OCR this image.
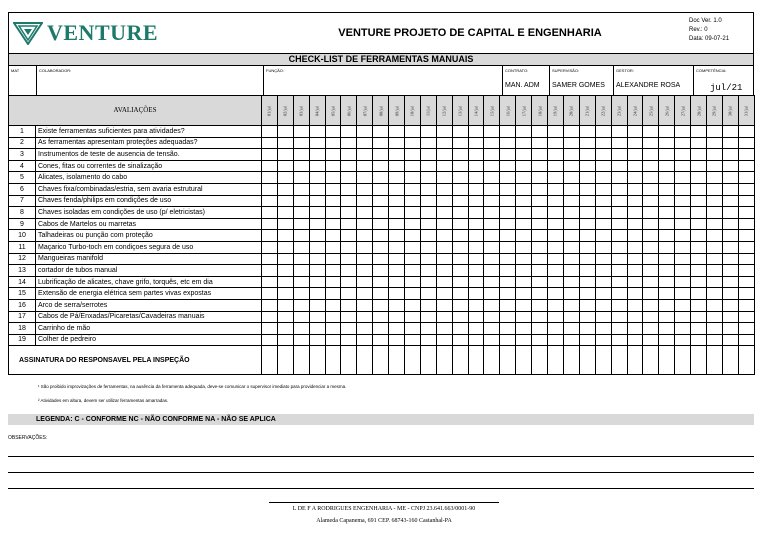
VENTURE	VENTURE PROJETO DE CAPITAL E ENGENHARIA
Doc Ver. 1.0
Rev.: 0
Data: 09-07-21
CHECK-LIST DE FERRAMENTAS MANUAIS
MAT	COLABORADOR:	FUNÇÃO:	CONTRATO:
MAN. ADM
SUPERVISÃO:
SAMER GOMES
GESTOR:
ALEXANDRE ROSA
COMPETÊNCIA:
jul/21
AVALIAÇÕES		01/jul	02/jul	03/jul	04/jul	05/jul	06/jul	07/jul	08/jul	09/jul	10/jul	11/jul	12/jul	13/jul	14/jul	15/jul	16/jul	17/jul	18/jul	19/jul	20/jul	21/jul	22/jul	23/jul	24/jul	25/jul	26/jul	27/jul	28/jul	29/jul	30/jul	31/jul

1	Existe ferramentas suficientes para atividades?																															
2	As ferramentas apresentam proteções adequadas?																															
3	Instrumentos de teste de ausencia de tensão.																															
4	Cones, fitas ou correntes de sinalização																															
5	Alicates, isolamento do cabo																															
6	Chaves fixa/combinadas/estria, sem avaria estrutural																															
7	Chaves fenda/philips em condições de uso																															
8	Chaves isoladas em condições de uso (p/ eletricistas)																															
9	Cabos de Martelos ou marretas																															
10	Talhadeiras ou punção com proteção																															
11	Maçarico Turbo-toch em condiçoes segura de uso																															
12	Mangueiras manifold																															
13	cortador de tubos manual																															
14	Lubrificação de alicates, chave grifo, torquês, etc em dia																															
15	Extensão de energia elétrica sem partes vivas expostas																															
16	Arco de serra/serrotes																															
17	Cabos de Pá/Enxadas/Picaretas/Cavadeiras manuais																															
18	Carrinho de mão																															
19	Colher de pedreiro																															
ASSINATURA DO RESPONSAVEL PELA INSPEÇÃO																																
¹ São proibido improvizações de ferramentas, na ausência da ferramenta adequada, deve-se comunicar o supervisor imediato para providenciar a mesma.
² Atividades em altura, devem ser utilizar ferramentas amarradas.
LEGENDA: C - CONFORME NC - NÃO CONFORME NA - NÃO SE APLICA
OBSERVAÇÕES:
L DE F A RODRIGUES ENGENHARIA - ME - CNPJ 23.641.663/0001-90
Alameda Capanema, 691 CEP. 68743-160 Castanhal-PA
